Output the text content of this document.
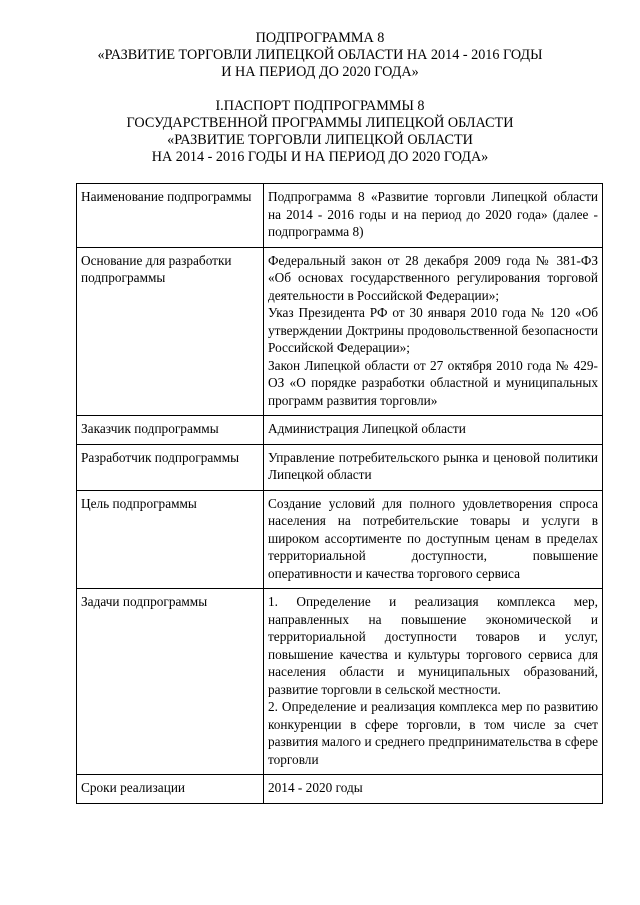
ПОДПРОГРАММА 8
«РАЗВИТИЕ ТОРГОВЛИ ЛИПЕЦКОЙ ОБЛАСТИ НА 2014 - 2016 ГОДЫ
И НА ПЕРИОД ДО 2020 ГОДА»
I.ПАСПОРТ ПОДПРОГРАММЫ 8
ГОСУДАРСТВЕННОЙ ПРОГРАММЫ ЛИПЕЦКОЙ ОБЛАСТИ
«РАЗВИТИЕ ТОРГОВЛИ ЛИПЕЦКОЙ ОБЛАСТИ
НА 2014 - 2016 ГОДЫ И НА ПЕРИОД ДО 2020 ГОДА»
Наименование подпрограммы	Подпрограмма 8 «Развитие торговли Липецкой области на 2014 - 2016 годы и на период до 2020 года» (далее - подпрограмма 8)
Основание для разработки подпрограммы	Федеральный закон от 28 декабря 2009 года № 381-ФЗ «Об основах государственного регулирования торговой деятельности в Российской Федерации»;

Указ Президента РФ от 30 января 2010 года № 120 «Об утверждении Доктрины продовольственной безопасности Российской Федерации»;

Закон Липецкой области от 27 октября 2010 года № 429-ОЗ «О порядке разработки областной и муниципальных программ развития торговли»

Заказчик подпрограммы	Администрация Липецкой области
Разработчик подпрограммы	Управление потребительского рынка и ценовой политики Липецкой области
Цель подпрограммы	Создание условий для полного удовлетворения спроса населения на потребительские товары и услуги в широком ассортименте по доступным ценам в пределах территориальной доступности, повышение оперативности и качества торгового сервиса
Задачи подпрограммы	1. Определение и реализация комплекса мер, направленных на повышение экономической и территориальной доступности товаров и услуг, повышение качества и культуры торгового сервиса для населения области и муниципальных образований, развитие торговли в сельской местности.

2. Определение и реализация комплекса мер по развитию конкуренции в сфере торговли, в том числе за счет развития малого и среднего предпринимательства в сфере торговли

Сроки реализации	2014 - 2020 годы
